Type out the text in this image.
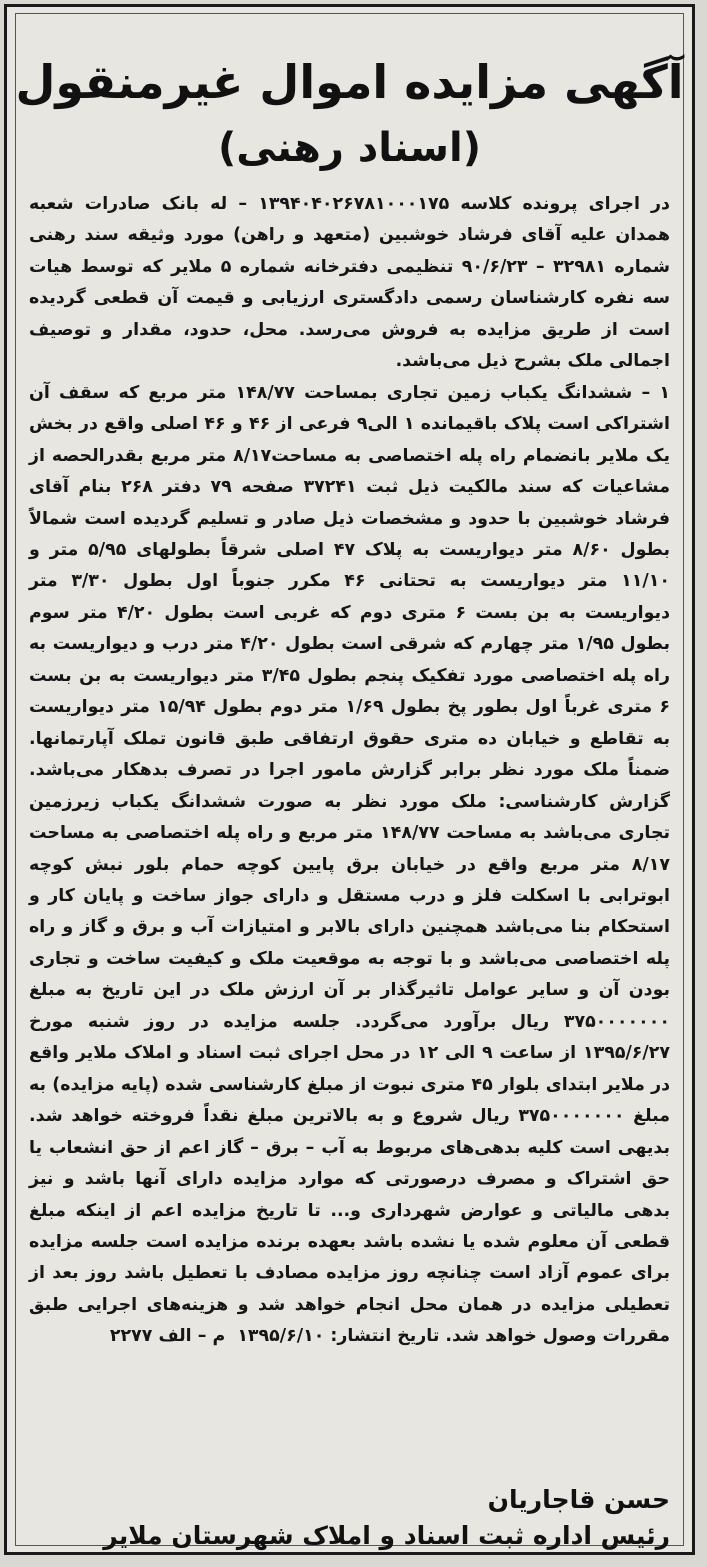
آگهی مزایده اموال غیرمنقول
(اسناد رهنی)

در اجرای پرونده کلاسه ۱۳۹۴۰۴۰۲۶۷۸۱۰۰۰۱۷۵ – له بانک صادرات شعبه همدان علیه آقای فرشاد خوشبین (متعهد و راهن) مورد وثیقه سند رهنی شماره ۳۲۹۸۱ – ۹۰/۶/۲۳ تنظیمی دفترخانه شماره ۵ ملایر که توسط هیات سه نفره کارشناسان رسمی دادگستری ارزیابی و قیمت آن قطعی گردیده است از طریق مزایده به فروش می‌رسد. محل، حدود، مقدار و توصیف اجمالی ملک بشرح ذیل می‌باشد.

۱ – ششدانگ یکباب زمین تجاری بمساحت ۱۴۸/۷۷ متر مربع که سقف آن اشتراکی است پلاک باقیمانده ۱ الی۹ فرعی از ۴۶ و ۴۶ اصلی واقع در بخش یک ملایر بانضمام راه پله اختصاصی به مساحت۸/۱۷ متر مربع بقدرالحصه از مشاعیات که سند مالکیت ذیل ثبت ۳۷۲۴۱ صفحه ۷۹ دفتر ۲۶۸ بنام آقای فرشاد خوشبین با حدود و مشخصات ذیل صادر و تسلیم گردیده است شمالاً بطول ۸/۶۰ متر دیواریست به پلاک ۴۷ اصلی شرقاً بطولهای ۵/۹۵ متر و ۱۱/۱۰ متر دیواریست به تحتانی ۴۶ مکرر جنوباً اول بطول ۳/۳۰ متر دیواریست به بن بست ۶ متری دوم که غربی است بطول ۴/۲۰ متر سوم بطول ۱/۹۵ متر چهارم که شرقی است بطول ۴/۲۰ متر درب و دیواریست به راه پله اختصاصی مورد تفکیک پنجم بطول ۳/۴۵ متر دیواریست به بن بست ۶ متری غرباً اول بطور پخ بطول ۱/۶۹ متر دوم بطول ۱۵/۹۴ متر دیواریست به تقاطع و خیابان ده متری حقوق ارتفاقی طبق قانون تملک آپارتمانها. ضمناً ملک مورد نظر برابر گزارش مامور اجرا در تصرف بدهکار می‌باشد. گزارش کارشناسی: ملک مورد نظر به صورت ششدانگ یکباب زیرزمین تجاری می‌باشد به مساحت ۱۴۸/۷۷ متر مربع و راه پله اختصاصی به مساحت ۸/۱۷ متر مربع واقع در خیابان برق پایین کوچه حمام بلور نبش کوچه ابوترابی با اسکلت فلز و درب مستقل و دارای جواز ساخت و پایان کار و استحکام بنا می‌باشد همچنین دارای بالابر و امتیازات آب و برق و گاز و راه پله اختصاصی می‌باشد و با توجه به موقعیت ملک و کیفیت ساخت و تجاری بودن آن و سایر عوامل تاثیرگذار بر آن ارزش ملک در این تاریخ به مبلغ ۳۷۵۰۰۰۰۰۰۰ ریال برآورد می‌گردد. جلسه مزایده در روز شنبه مورخ ۱۳۹۵/۶/۲۷ از ساعت ۹ الی ۱۲ در محل اجرای ثبت اسناد و املاک ملایر واقع در ملایر ابتدای بلوار ۴۵ متری نبوت از مبلغ کارشناسی شده (پایه مزایده) به مبلغ ۳۷۵۰۰۰۰۰۰۰ ریال شروع و به بالاترین مبلغ نقداً فروخته خواهد شد. بدیهی است کلیه بدهی‌های مربوط به آب – برق – گاز اعم از حق انشعاب یا حق اشتراک و مصرف درصورتی که موارد مزایده دارای آنها باشد و نیز بدهی مالیاتی و عوارض شهرداری و... تا تاریخ مزایده اعم از اینکه مبلغ قطعی آن معلوم شده یا نشده باشد بعهده برنده مزایده است جلسه مزایده برای عموم آزاد است چنانچه روز مزایده مصادف با تعطیل باشد روز بعد از تعطیلی مزایده در همان محل انجام خواهد شد و هزینه‌های اجرایی طبق مقررات وصول خواهد شد. تاریخ انتشار: ۱۳۹۵/۶/۱۰  م – الف ۲۲۷۷

حسن قاجاریان
رئیس اداره ثبت اسناد و املاک شهرستان ملایر
